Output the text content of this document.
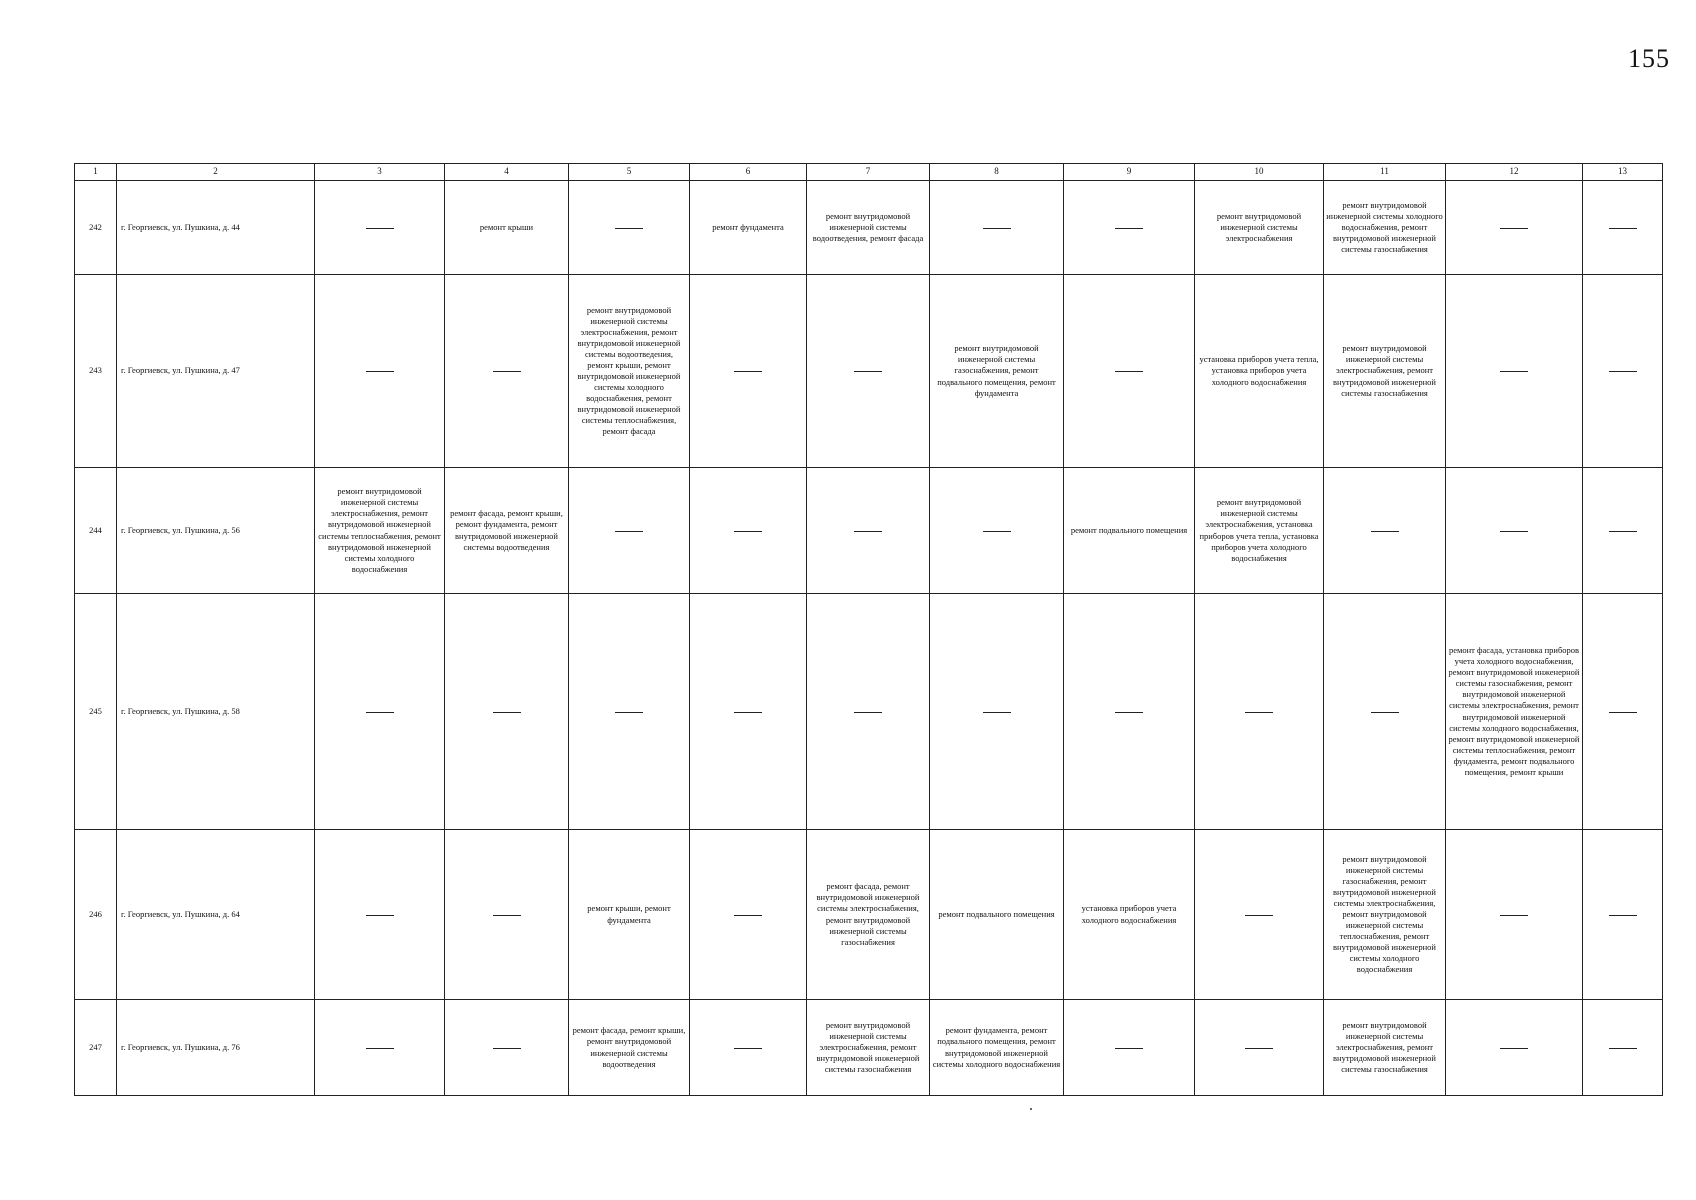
155
1	2	3	4	5	6	7	8	9	10	11	12	13
242	г. Георгиевск, ул. Пушкина, д. 44		ремонт крыши		ремонт фундамента	ремонт внутридомовой инженерной системы водоотведения, ремонт фасада			ремонт внутридомовой инженерной системы электроснабжения	ремонт внутридомовой инженерной системы холодного водоснабжения, ремонт внутридомовой инженерной системы газоснабжения		

243	г. Георгиевск, ул. Пушкина, д. 47			ремонт внутридомовой инженерной системы электроснабжения, ремонт внутридомовой инженерной системы водоотведения, ремонт крыши, ремонт внутридомовой инженерной системы холодного водоснабжения, ремонт внутридомовой инженерной системы теплоснабжения, ремонт фасада			ремонт внутридомовой инженерной системы газоснабжения, ремонт подвального помещения, ремонт фундамента		установка приборов учета тепла, установка приборов учета холодного водоснабжения	ремонт внутридомовой инженерной системы электроснабжения, ремонт внутридомовой инженерной системы газоснабжения		

244	г. Георгиевск, ул. Пушкина, д. 56	ремонт внутридомовой инженерной системы электроснабжения, ремонт внутридомовой инженерной системы теплоснабжения, ремонт внутридомовой инженерной системы холодного водоснабжения	ремонт фасада, ремонт крыши, ремонт фундамента, ремонт внутридомовой инженерной системы водоотведения					ремонт подвального помещения	ремонт внутридомовой инженерной системы электроснабжения, установка приборов учета тепла, установка приборов учета холодного водоснабжения			

245	г. Георгиевск, ул. Пушкина, д. 58										ремонт фасада, установка приборов учета холодного водоснабжения, ремонт внутридомовой инженерной системы газоснабжения, ремонт внутридомовой инженерной системы электроснабжения, ремонт внутридомовой инженерной системы холодного водоснабжения, ремонт внутридомовой инженерной системы теплоснабжения, ремонт фундамента, ремонт подвального помещения, ремонт крыши	

246	г. Георгиевск, ул. Пушкина, д. 64			ремонт крыши, ремонт фундамента		ремонт фасада, ремонт внутридомовой инженерной системы электроснабжения, ремонт внутридомовой инженерной системы газоснабжения	ремонт подвального помещения	установка приборов учета холодного водоснабжения		ремонт внутридомовой инженерной системы газоснабжения, ремонт внутридомовой инженерной системы электроснабжения, ремонт внутридомовой инженерной системы теплоснабжения, ремонт внутридомовой инженерной системы холодного водоснабжения		

247	г. Георгиевск, ул. Пушкина, д. 76			ремонт фасада, ремонт крыши, ремонт внутридомовой инженерной системы водоотведения		ремонт внутридомовой инженерной системы электроснабжения, ремонт внутридомовой инженерной системы газоснабжения	ремонт фундамента, ремонт подвального помещения, ремонт внутридомовой инженерной системы холодного водоснабжения			ремонт внутридомовой инженерной системы электроснабжения, ремонт внутридомовой инженерной системы газоснабжения		
